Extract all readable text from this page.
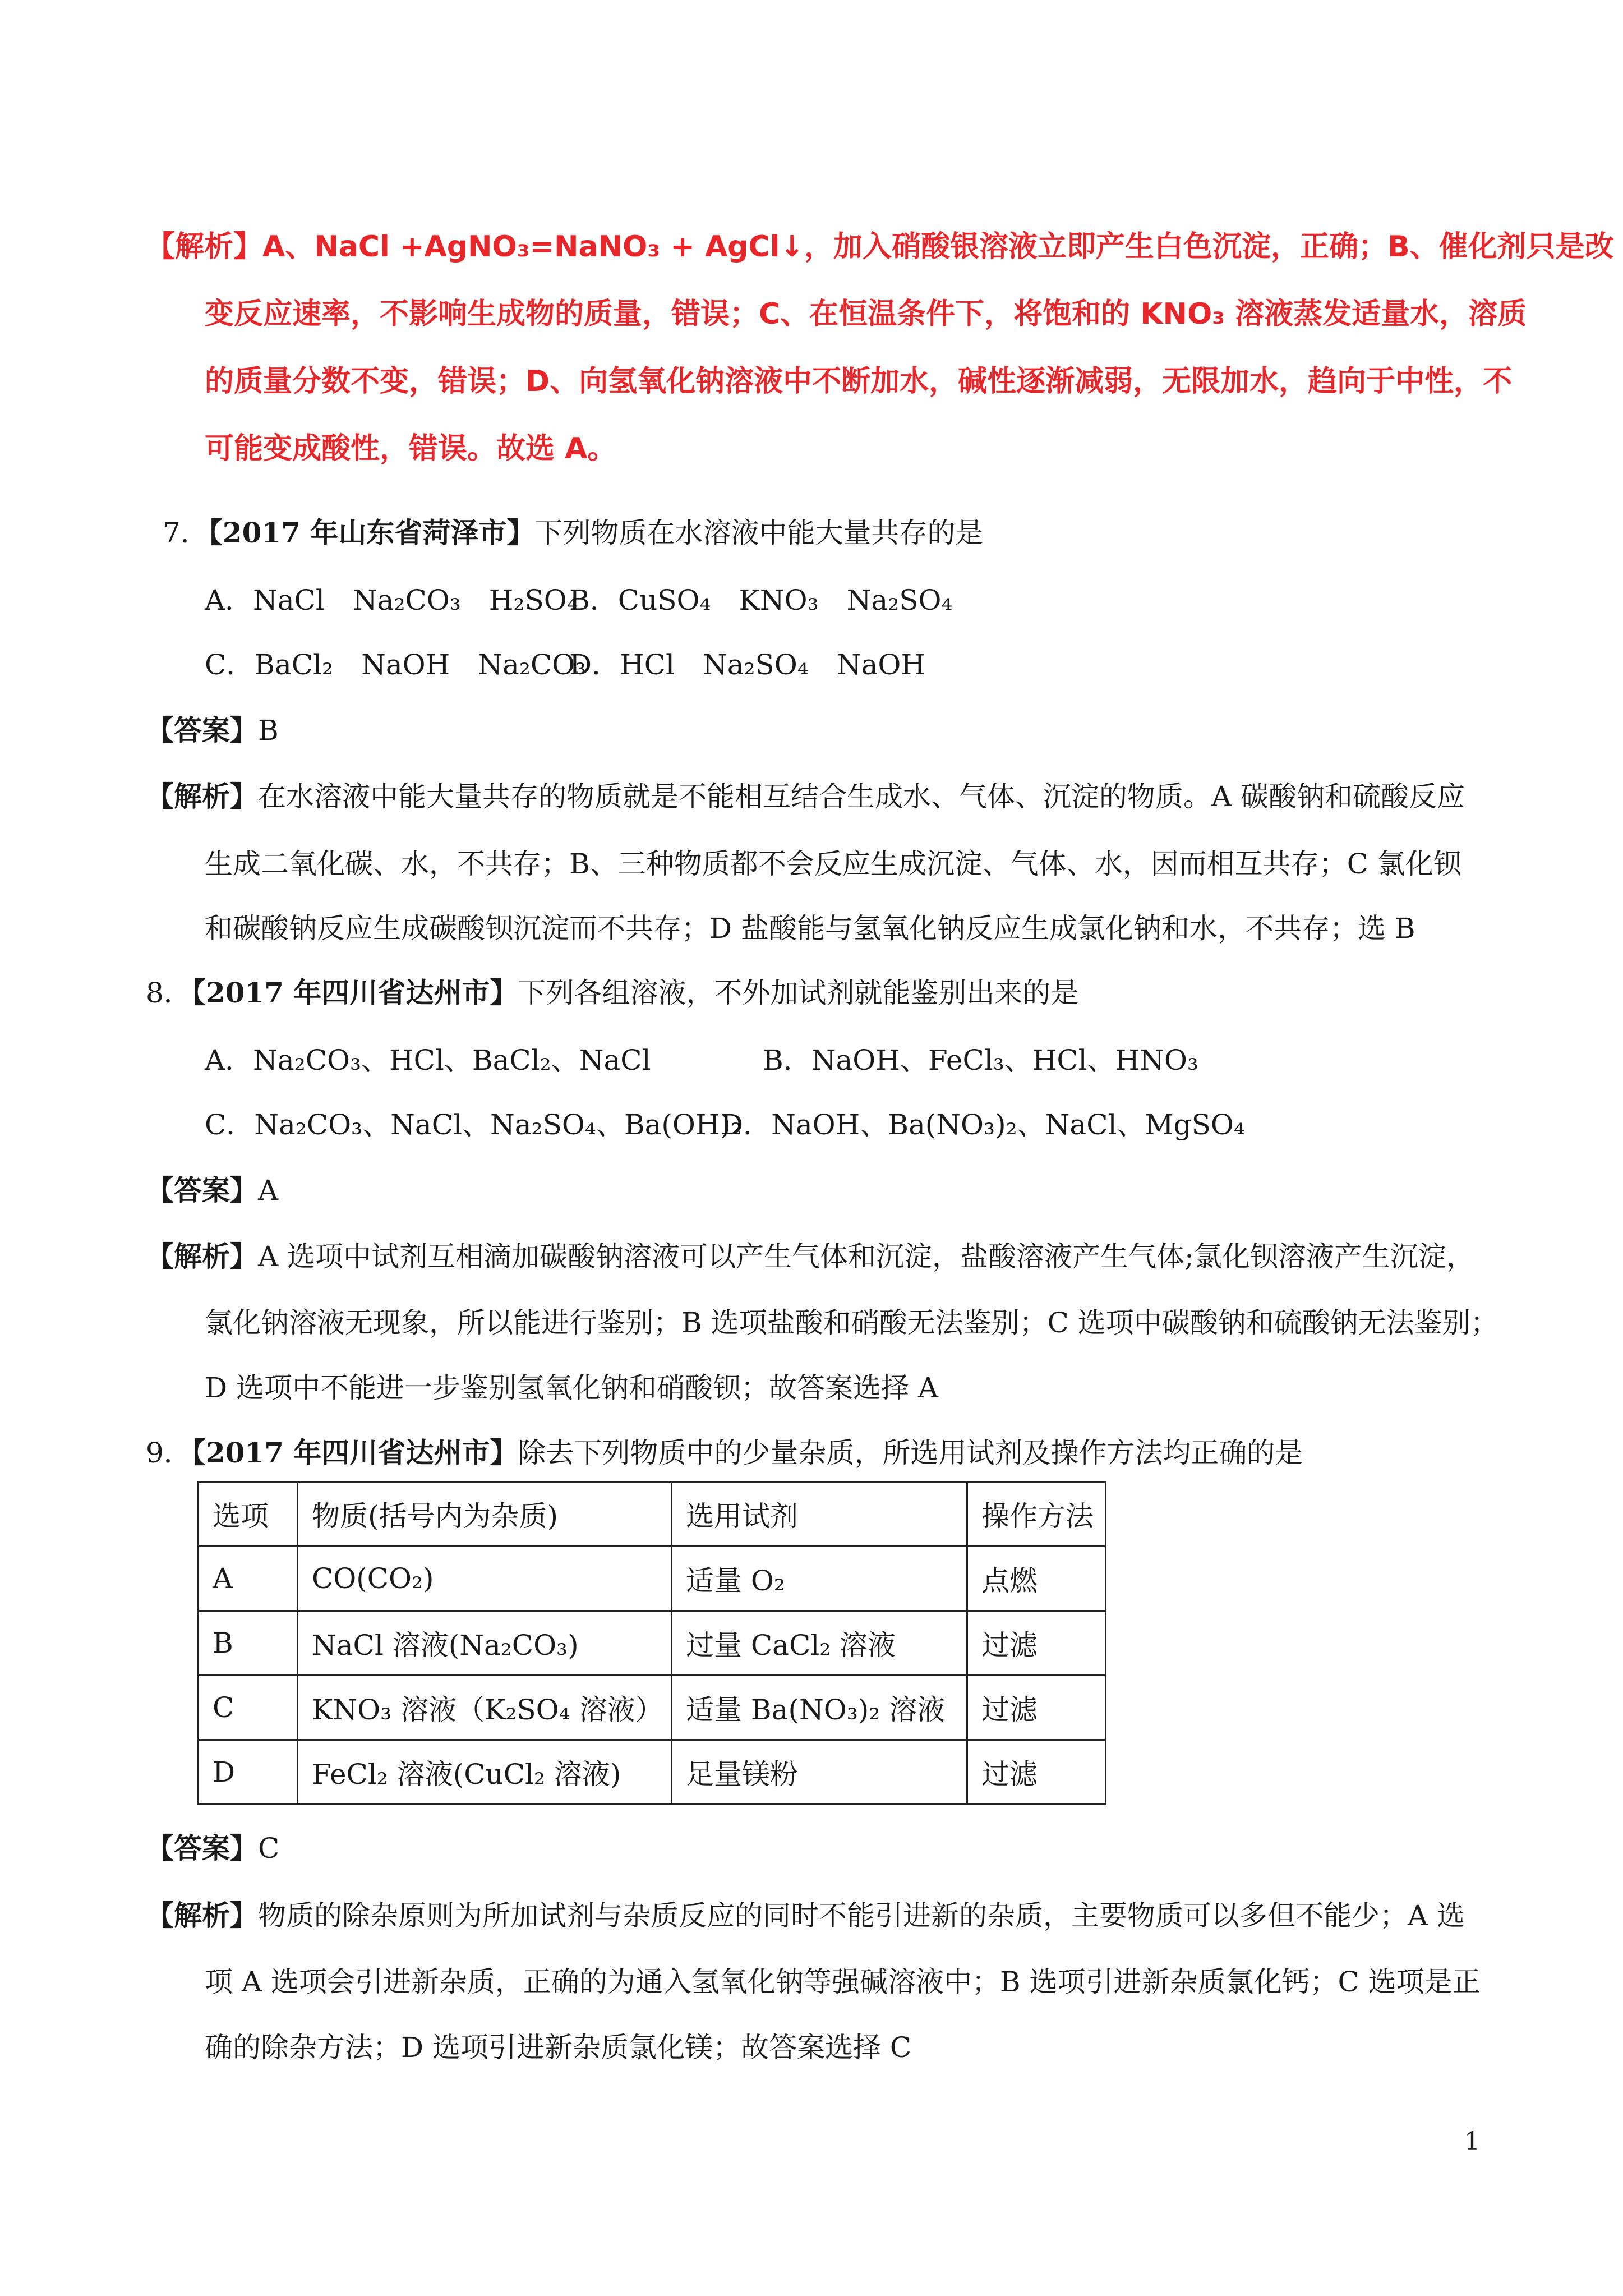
【解析】A、NaCl +AgNO₃=NaNO₃ + AgCl↓，加入硝酸银溶液立即产生白色沉淀，正确；B、催化剂只是改
变反应速率，不影响生成物的质量，错误；C、在恒温条件下，将饱和的 KNO₃ 溶液蒸发适量水，溶质
的质量分数不变，错误；D、向氢氧化钠溶液中不断加水，碱性逐渐减弱，无限加水，趋向于中性，不
可能变成酸性，错误。故选 A。
7．【2017 年山东省菏泽市】下列物质在水溶液中能大量共存的是
A．NaCl　Na₂CO₃　H₂SO₄
B．CuSO₄　KNO₃　Na₂SO₄
C．BaCl₂　NaOH　Na₂CO₃
D．HCl　Na₂SO₄　NaOH
【答案】B
【解析】在水溶液中能大量共存的物质就是不能相互结合生成水、气体、沉淀的物质。A 碳酸钠和硫酸反应
生成二氧化碳、水，不共存；B、三种物质都不会反应生成沉淀、气体、水，因而相互共存；C 氯化钡
和碳酸钠反应生成碳酸钡沉淀而不共存；D 盐酸能与氢氧化钠反应生成氯化钠和水，不共存；选 B
8．【2017 年四川省达州市】下列各组溶液，不外加试剂就能鉴别出来的是
A．Na₂CO₃、HCl、BaCl₂、NaCl	B．NaOH、FeCl₃、HCl、HNO₃
C．Na₂CO₃、NaCl、Na₂SO₄、Ba(OH)₂
D．NaOH、Ba(NO₃)₂、NaCl、MgSO₄
【答案】A
【解析】A 选项中试剂互相滴加碳酸钠溶液可以产生气体和沉淀，盐酸溶液产生气体;氯化钡溶液产生沉淀，
氯化钠溶液无现象，所以能进行鉴别；B 选项盐酸和硝酸无法鉴别；C 选项中碳酸钠和硫酸钠无法鉴别；
D 选项中不能进一步鉴别氢氧化钠和硝酸钡；故答案选择 A
9．【2017 年四川省达州市】除去下列物质中的少量杂质，所选用试剂及操作方法均正确的是
选项	物质(括号内为杂质)	选用试剂	操作方法
A	CO(CO₂)	适量 O₂	点燃
B	NaCl 溶液(Na₂CO₃)	过量 CaCl₂ 溶液	过滤
C	KNO₃ 溶液（K₂SO₄ 溶液）	适量 Ba(NO₃)₂ 溶液	过滤
D	FeCl₂ 溶液(CuCl₂ 溶液)	足量镁粉	过滤
【答案】C
【解析】物质的除杂原则为所加试剂与杂质反应的同时不能引进新的杂质，主要物质可以多但不能少；A 选
项 A 选项会引进新杂质，正确的为通入氢氧化钠等强碱溶液中；B 选项引进新杂质氯化钙；C 选项是正
确的除杂方法；D 选项引进新杂质氯化镁；故答案选择 C
1
